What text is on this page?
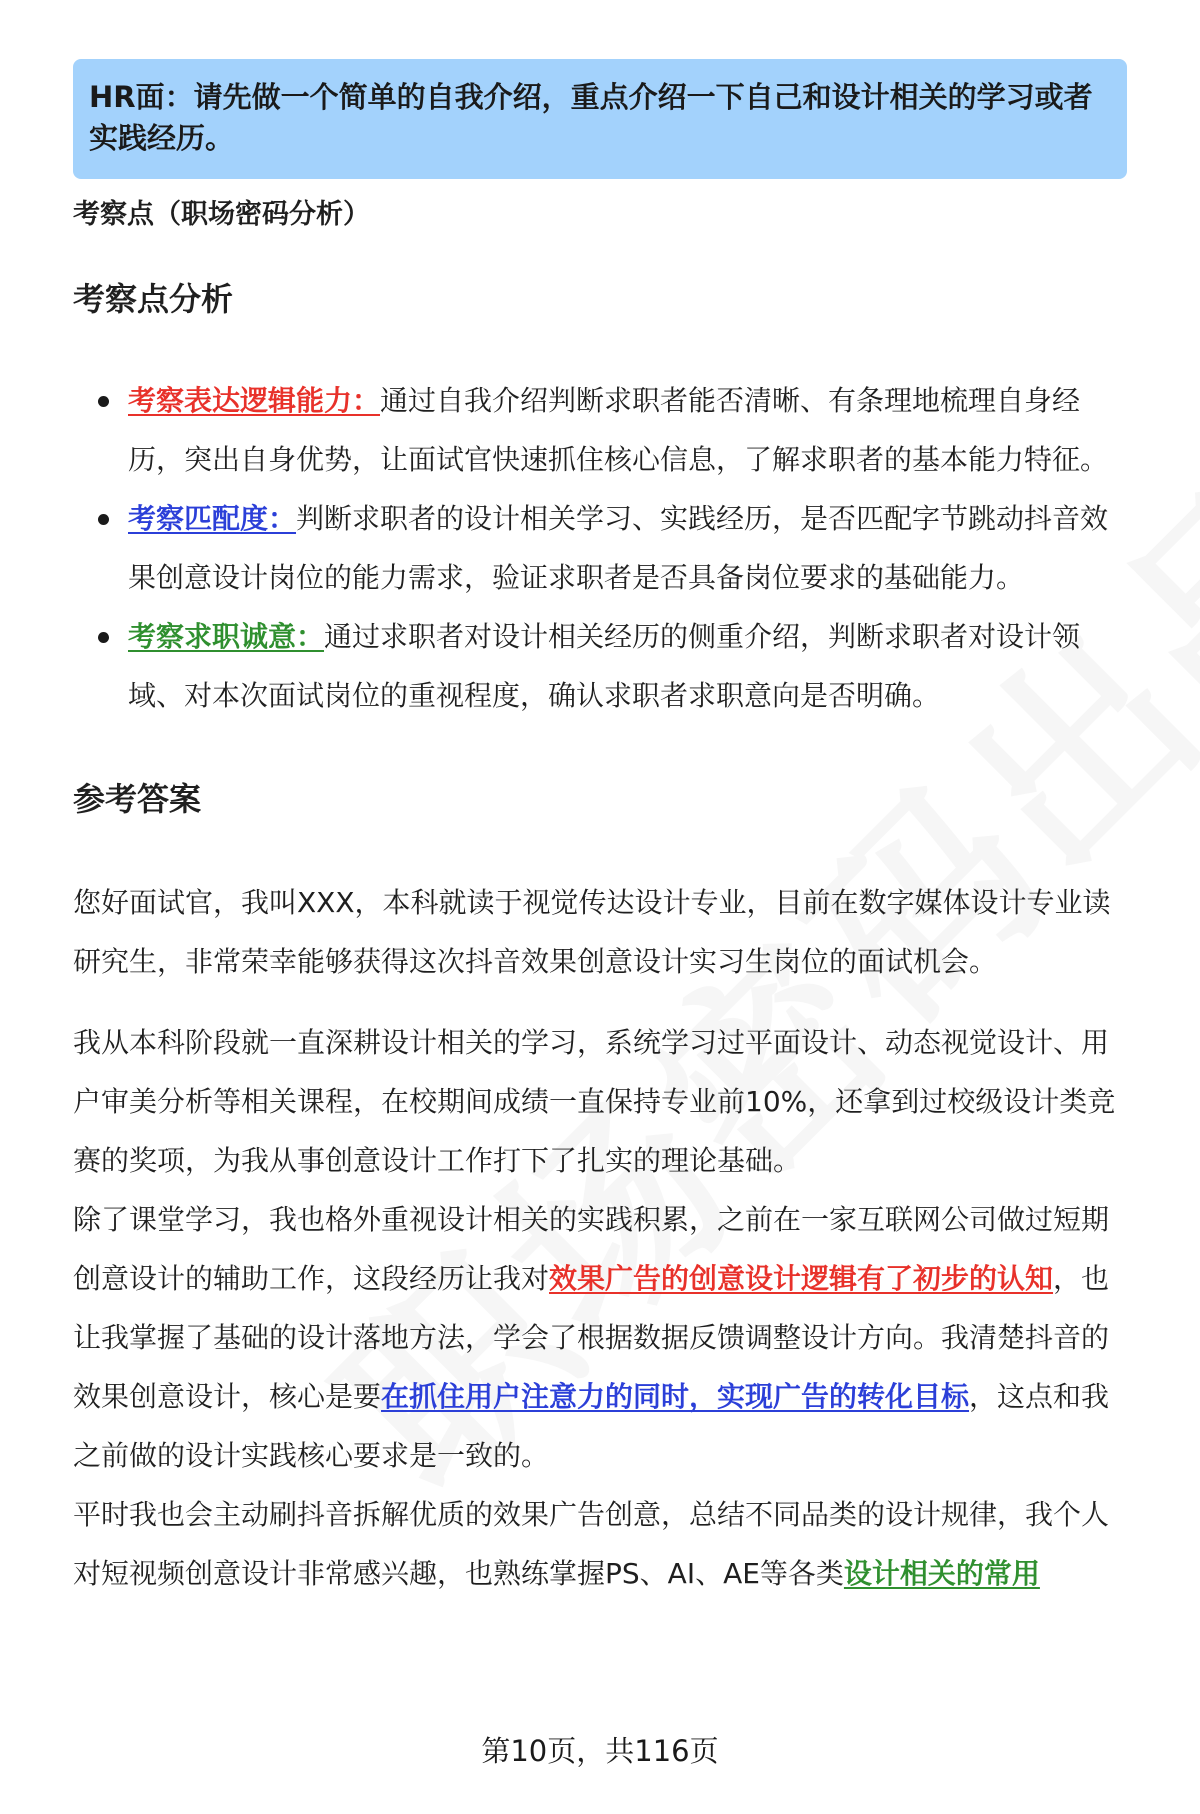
HR面：请先做一个简单的自我介绍，重点介绍一下自己和设计相关的学习或者实践经历。
考察点（职场密码分析）
考察点分析
考察表达逻辑能力：通过自我介绍判断求职者能否清晰、有条理地梳理自身经历，突出自身优势，让面试官快速抓住核心信息，了解求职者的基本能力特征。
考察匹配度：判断求职者的设计相关学习、实践经历，是否匹配字节跳动抖音效果创意设计岗位的能力需求，验证求职者是否具备岗位要求的基础能力。
考察求职诚意：通过求职者对设计相关经历的侧重介绍，判断求职者对设计领域、对本次面试岗位的重视程度，确认求职者求职意向是否明确。
参考答案
您好面试官，我叫XXX，本科就读于视觉传达设计专业，目前在数字媒体设计专业读研究生，非常荣幸能够获得这次抖音效果创意设计实习生岗位的面试机会。
我从本科阶段就一直深耕设计相关的学习，系统学习过平面设计、动态视觉设计、用户审美分析等相关课程，在校期间成绩一直保持专业前10%，还拿到过校级设计类竞赛的奖项，为我从事创意设计工作打下了扎实的理论基础。
除了课堂学习，我也格外重视设计相关的实践积累，之前在一家互联网公司做过短期创意设计的辅助工作，这段经历让我对效果广告的创意设计逻辑有了初步的认知，也让我掌握了基础的设计落地方法，学会了根据数据反馈调整设计方向。我清楚抖音的效果创意设计，核心是要在抓住用户注意力的同时，实现广告的转化目标，这点和我之前做的设计实践核心要求是一致的。
平时我也会主动刷抖音拆解优质的效果广告创意，总结不同品类的设计规律，我个人对短视频创意设计非常感兴趣，也熟练掌握PS、AI、AE等各类设计相关的常用
第10页，共116页
